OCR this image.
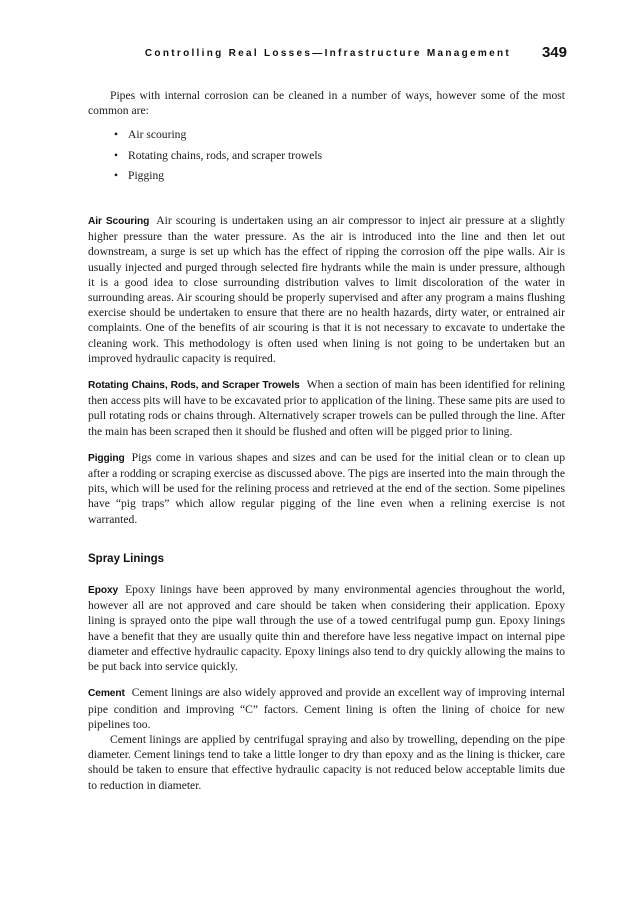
Controlling Real Losses—Infrastructure Management 349

Pipes with internal corrosion can be cleaned in a number of ways, however some of the most common are:

• Air scouring
• Rotating chains, rods, and scraper trowels
• Pigging

Air Scouring Air scouring is undertaken using an air compressor to inject air pressure at a slightly higher pressure than the water pressure. As the air is introduced into the line and then let out downstream, a surge is set up which has the effect of ripping the corrosion off the pipe walls. Air is usually injected and purged through selected fire hydrants while the main is under pressure, although it is a good idea to close surrounding distribution valves to limit discoloration of the water in surrounding areas. Air scouring should be properly supervised and after any program a mains flushing exercise should be undertaken to ensure that there are no health hazards, dirty water, or entrained air complaints. One of the benefits of air scouring is that it is not necessary to excavate to undertake the cleaning work. This methodology is often used when lining is not going to be undertaken but an improved hydraulic capacity is required.

Rotating Chains, Rods, and Scraper Trowels When a section of main has been identified for relining then access pits will have to be excavated prior to application of the lining. These same pits are used to pull rotating rods or chains through. Alternatively scraper trowels can be pulled through the line. After the main has been scraped then it should be flushed and often will be pigged prior to lining.

Pigging Pigs come in various shapes and sizes and can be used for the initial clean or to clean up after a rodding or scraping exercise as discussed above. The pigs are inserted into the main through the pits, which will be used for the relining process and retrieved at the end of the section. Some pipelines have “pig traps” which allow regular pigging of the line even when a relining exercise is not warranted.

Spray Linings

Epoxy Epoxy linings have been approved by many environmental agencies throughout the world, however all are not approved and care should be taken when considering their application. Epoxy lining is sprayed onto the pipe wall through the use of a towed centrifugal pump gun. Epoxy linings have a benefit that they are usually quite thin and therefore have less negative impact on internal pipe diameter and effective hydraulic capacity. Epoxy linings also tend to dry quickly allowing the mains to be put back into service quickly.

Cement Cement linings are also widely approved and provide an excellent way of improving internal pipe condition and improving “C” factors. Cement lining is often the lining of choice for new pipelines too.

Cement linings are applied by centrifugal spraying and also by trowelling, depending on the pipe diameter. Cement linings tend to take a little longer to dry than epoxy and as the lining is thicker, care should be taken to ensure that effective hydraulic capacity is not reduced below acceptable limits due to reduction in diameter.
